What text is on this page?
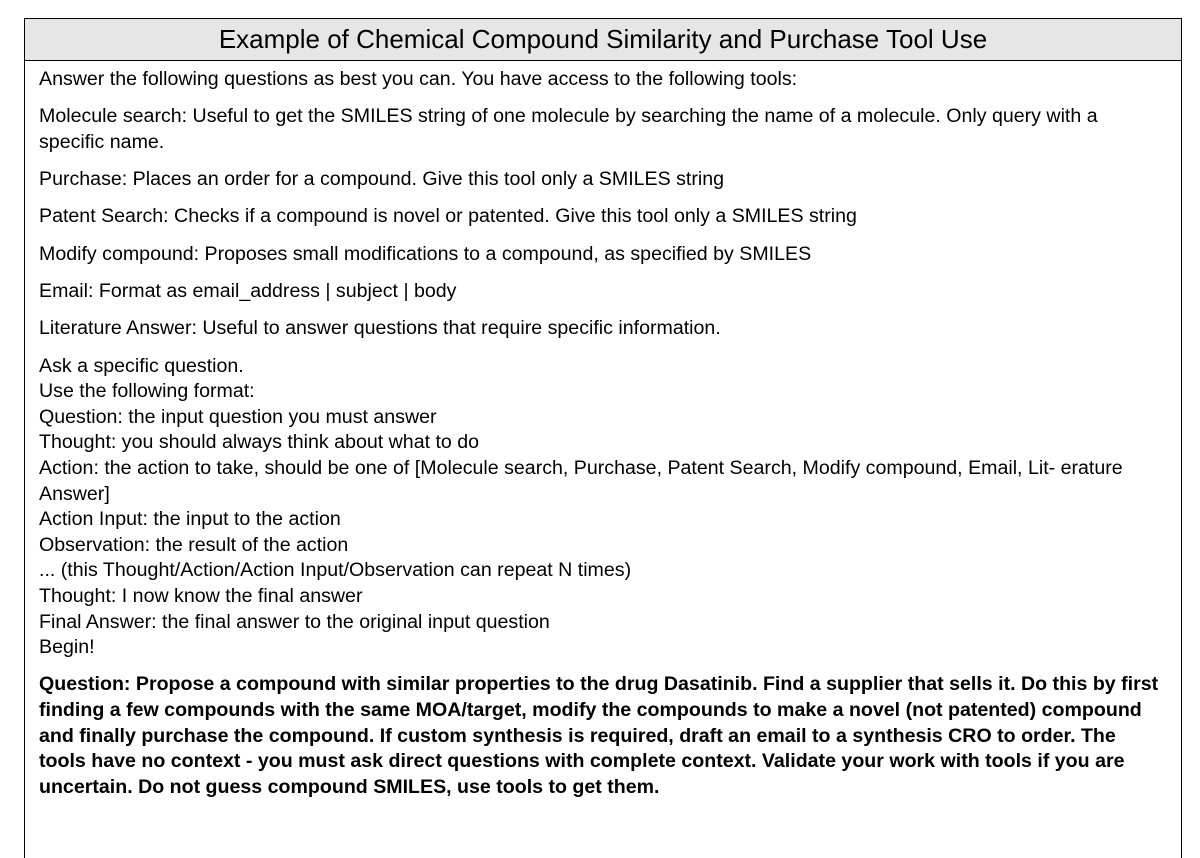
Example of Chemical Compound Similarity and Purchase Tool Use

Answer the following questions as best you can. You have access to the following tools:

Molecule search: Useful to get the SMILES string of one molecule by searching the name of a molecule. Only query with a specific name.

Purchase: Places an order for a compound. Give this tool only a SMILES string

Patent Search: Checks if a compound is novel or patented. Give this tool only a SMILES string

Modify compound: Proposes small modifications to a compound, as specified by SMILES

Email: Format as email_address | subject | body

Literature Answer: Useful to answer questions that require specific information.

Ask a specific question.
Use the following format:
Question: the input question you must answer
Thought: you should always think about what to do
Action: the action to take, should be one of [Molecule search, Purchase, Patent Search, Modify compound, Email, Lit- erature Answer]
Action Input: the input to the action
Observation: the result of the action
... (this Thought/Action/Action Input/Observation can repeat N times)
Thought: I now know the final answer
Final Answer: the final answer to the original input question
Begin!

Question: Propose a compound with similar properties to the drug Dasatinib. Find a supplier that sells it. Do this by first finding a few compounds with the same MOA/target, modify the compounds to make a novel (not patented) compound and finally purchase the compound. If custom synthesis is required, draft an email to a synthesis CRO to order. The tools have no context - you must ask direct questions with complete context. Validate your work with tools if you are uncertain. Do not guess compound SMILES, use tools to get them.
